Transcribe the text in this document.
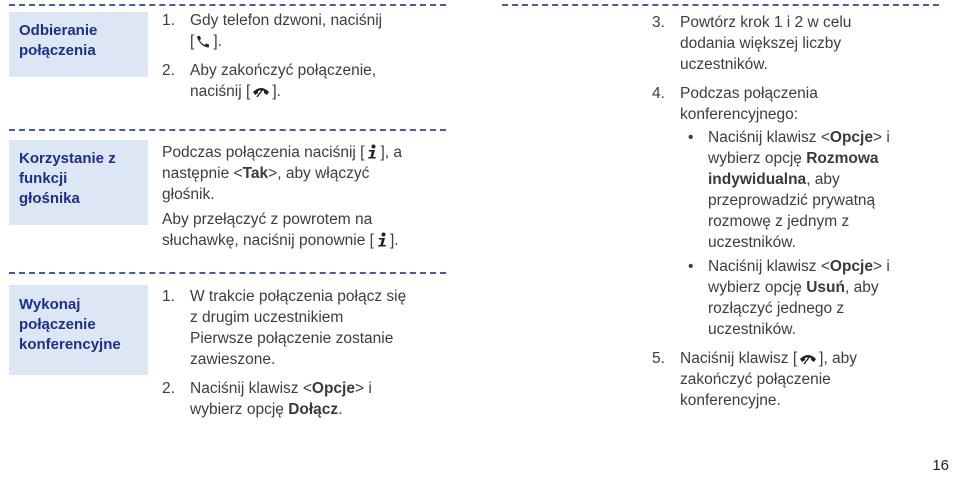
Odbieranie
połączenia
1. Gdy telefon dzwoni, naciśnij
[ ].
2. Aby zakończyć połączenie,
naciśnij [ ].
Korzystanie z
funkcji
głośnika
Podczas połączenia naciśnij [ ], a
następnie <Tak>, aby włączyć
głośnik.
Aby przełączyć z powrotem na
słuchawkę, naciśnij ponownie [ ].
Wykonaj
połączenie
konferencyjne
1. W trakcie połączenia połącz się
z drugim uczestnikiem
Pierwsze połączenie zostanie
zawieszone.
2. Naciśnij klawisz <Opcje> i
wybierz opcję Dołącz.
3. Powtórz krok 1 i 2 w celu
dodania większej liczby
uczestników.
4. Podczas połączenia
konferencyjnego:
• Naciśnij klawisz <Opcje> i
wybierz opcję Rozmowa
indywidualna, aby
przeprowadzić prywatną
rozmowę z jednym z
uczestników.
• Naciśnij klawisz <Opcje> i
wybierz opcję Usuń, aby
rozłączyć jednego z
uczestników.
5. Naciśnij klawisz [ ], aby
zakończyć połączenie
konferencyjne.
16
